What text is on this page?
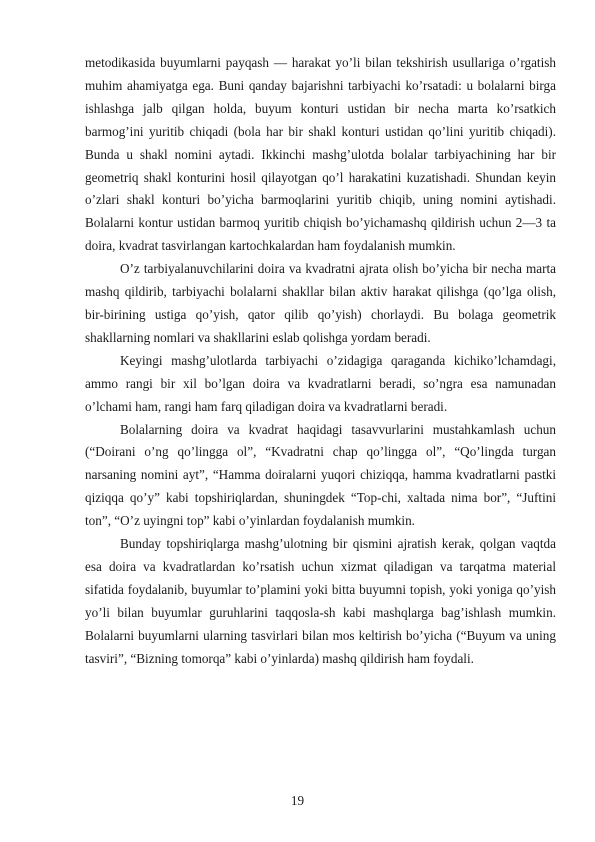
metodikasida buyumlarni payqash — harakat yo’li bilan tekshirish usullariga o’rgatish muhim ahamiyatga ega. Buni qanday bajarishni tarbiyachi ko’rsatadi: u bolalarni birga ishlashga jalb qilgan holda, buyum konturi ustidan bir necha marta ko’rsatkich barmog’ini yuritib chiqadi (bola har bir shakl konturi ustidan qo’lini yuritib chiqadi). Bunda u shakl nomini aytadi. Ikkinchi mashg’ulotda bolalar tarbiyachining har bir geometriq shakl konturini hosil qilayotgan qo’l harakatini kuzatishadi. Shundan keyin o’zlari shakl konturi bo’yicha barmoqlarini yuritib chiqib, uning nomini aytishadi. Bolalarni kontur ustidan barmoq yuritib chiqish bo’yichamashq qildirish uchun 2—3 ta doira, kvadrat tasvirlangan kartochkalardan ham foydalanish mumkin.

O’z tarbiyalanuvchilarini doira va kvadratni ajrata olish bo’yicha bir necha marta mashq qildirib, tarbiyachi bolalarni shakllar bilan aktiv harakat qilishga (qo’lga olish, bir-birining ustiga qo’yish, qator qilib qo’yish) chorlaydi. Bu bolaga geometrik shakllarning nomlari va shakllarini eslab qolishga yordam beradi.

Keyingi mashg’ulotlarda tarbiyachi o’zidagiga qaraganda kichiko’lchamdagi, ammo rangi bir xil bo’lgan doira va kvadratlarni beradi, so’ngra esa namunadan o’lchami ham, rangi ham farq qiladigan doira va kvadratlarni beradi.

Bolalarning doira va kvadrat haqidagi tasavvurlarini mustahkamlash uchun (“Doirani o’ng qo’lingga ol”, “Kvadratni chap qo’lingga ol”, “Qo’lingda turgan narsaning nomini ayt”, “Hamma doiralarni yuqori chiziqqa, hamma kvadratlarni pastki qiziqqa qo’y” kabi topshiriqlardan, shuningdek “Top-chi, xaltada nima bor”, “Juftini ton”, “O’z uyingni top” kabi o’yinlardan foydalanish mumkin.

Bunday topshiriqlarga mashg’ulotning bir qismini ajratish kerak, qolgan vaqtda esa doira va kvadratlardan ko’rsatish uchun xizmat qiladigan va tarqatma material sifatida foydalanib, buyumlar to’plamini yoki bitta buyumni topish, yoki yoniga qo’yish yo’li bilan buyumlar guruhlarini taqqosla-sh kabi mashqlarga bag’ishlash mumkin. Bolalarni buyumlarni ularning tasvirlari bilan mos keltirish bo’yicha (“Buyum va uning tasviri”, “Bizning tomorqa” kabi o’yinlarda) mashq qildirish ham foydali.

19
